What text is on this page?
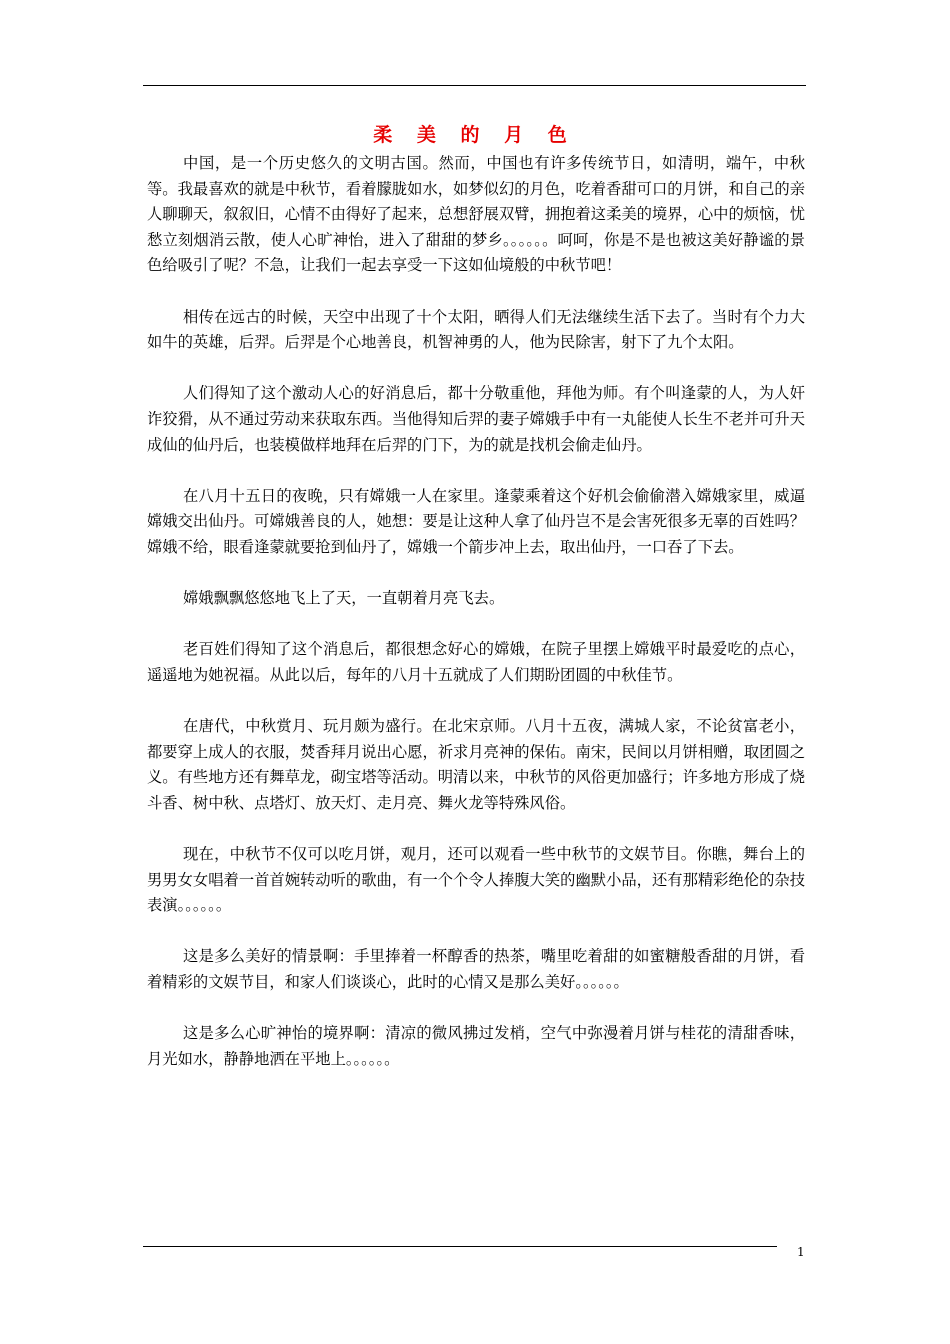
柔 美 的 月 色

中国，是一个历史悠久的文明古国。然而，中国也有许多传统节日，如清明，端午，中秋等。我最喜欢的就是中秋节，看着朦胧如水，如梦似幻的月色，吃着香甜可口的月饼，和自己的亲人聊聊天，叙叙旧，心情不由得好了起来，总想舒展双臂，拥抱着这柔美的境界，心中的烦恼，忧愁立刻烟消云散，使人心旷神怡，进入了甜甜的梦乡。。。。。。呵呵，你是不是也被这美好静谧的景色给吸引了呢？不急，让我们一起去享受一下这如仙境般的中秋节吧！

相传在远古的时候，天空中出现了十个太阳，晒得人们无法继续生活下去了。当时有个力大如牛的英雄，后羿。后羿是个心地善良，机智神勇的人，他为民除害，射下了九个太阳。

人们得知了这个激动人心的好消息后，都十分敬重他，拜他为师。有个叫逢蒙的人，为人奸诈狡猾，从不通过劳动来获取东西。当他得知后羿的妻子嫦娥手中有一丸能使人长生不老并可升天成仙的仙丹后，也装模做样地拜在后羿的门下，为的就是找机会偷走仙丹。

在八月十五日的夜晚，只有嫦娥一人在家里。逢蒙乘着这个好机会偷偷潜入嫦娥家里，威逼嫦娥交出仙丹。可嫦娥善良的人，她想：要是让这种人拿了仙丹岂不是会害死很多无辜的百姓吗？嫦娥不给，眼看逢蒙就要抢到仙丹了，嫦娥一个箭步冲上去，取出仙丹，一口吞了下去。

嫦娥飘飘悠悠地飞上了天，一直朝着月亮飞去。

老百姓们得知了这个消息后，都很想念好心的嫦娥，在院子里摆上嫦娥平时最爱吃的点心，遥遥地为她祝福。从此以后，每年的八月十五就成了人们期盼团圆的中秋佳节。

在唐代，中秋赏月、玩月颇为盛行。在北宋京师。八月十五夜，满城人家，不论贫富老小，都要穿上成人的衣服，焚香拜月说出心愿，祈求月亮神的保佑。南宋，民间以月饼相赠，取团圆之义。有些地方还有舞草龙，砌宝塔等活动。明清以来，中秋节的风俗更加盛行；许多地方形成了烧斗香、树中秋、点塔灯、放天灯、走月亮、舞火龙等特殊风俗。

现在，中秋节不仅可以吃月饼，观月，还可以观看一些中秋节的文娱节目。你瞧，舞台上的男男女女唱着一首首婉转动听的歌曲，有一个个令人捧腹大笑的幽默小品，还有那精彩绝伦的杂技表演。。。。。。

这是多么美好的情景啊：手里捧着一杯醇香的热茶，嘴里吃着甜的如蜜糖般香甜的月饼，看着精彩的文娱节目，和家人们谈谈心，此时的心情又是那么美好。。。。。。

这是多么心旷神怡的境界啊：清凉的微风拂过发梢，空气中弥漫着月饼与桂花的清甜香味，月光如水，静静地洒在平地上。。。。。。

1
